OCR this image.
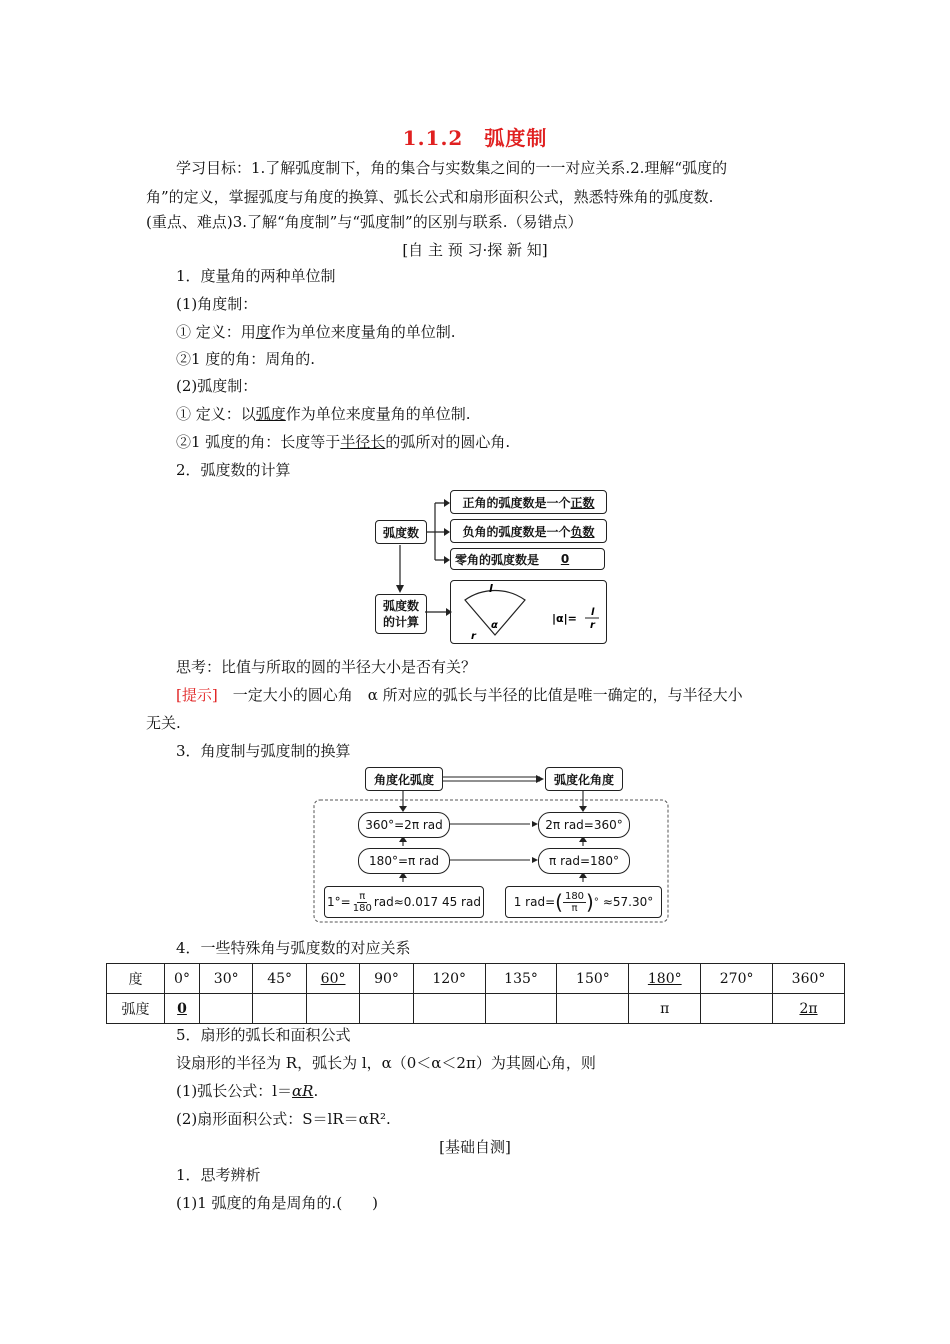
1.1.2　弧度制
学习目标：1.了解弧度制下，角的集合与实数集之间的一一对应关系.2.理解“弧度的
角”的定义，掌握弧度与角度的换算、弧长公式和扇形面积公式，熟悉特殊角的弧度数.
(重点、难点)3.了解“角度制”与“弧度制”的区别与联系.（易错点）
[自 主 预 习·探 新 知]
1．度量角的两种单位制
(1)角度制：
① 定义：用度作为单位来度量角的单位制.
②1 度的角：周角的.
(2)弧度制：
① 定义：以弧度作为单位来度量角的单位制.
②1 弧度的角：长度等于半径长的弧所对的圆心角.
2．弧度数的计算
弧度数
正角的弧度数是一个 正数
负角的弧度数是一个 负数
零角的弧度数是	0
弧度数
的计算
l
r
α
|α|= l
r
思考：比值与所取的圆的半径大小是否有关？
[提示]　一定大小的圆心角　α 所对应的弧长与半径的比值是唯一确定的，与半径大小
无关.
3．角度制与弧度制的换算
角度化弧度	弧度化角度
360°=2π rad	2π rad=360°
180°=π rad	π rad=180°
$1^\circ= \frac{\pi}{180} rad\approx 0.017$ 45 rad	1 rad= ( $\frac{180}{\pi}$ ) ° ≈57.30°
4．一些特殊角与弧度数的对应关系
度	0°	30°	45°	60°	90°	120°	135°	150°	180°	270°	360°
弧度	0								π		2π
5．扇形的弧长和面积公式
设扇形的半径为 R，弧长为 l，α（0＜α＜2π）为其圆心角，则
(1)弧长公式：l＝αR.
(2)扇形面积公式：S＝lR＝αR².
[基础自测]
1．思考辨析
(1)1 弧度的角是周角的.(　　)
